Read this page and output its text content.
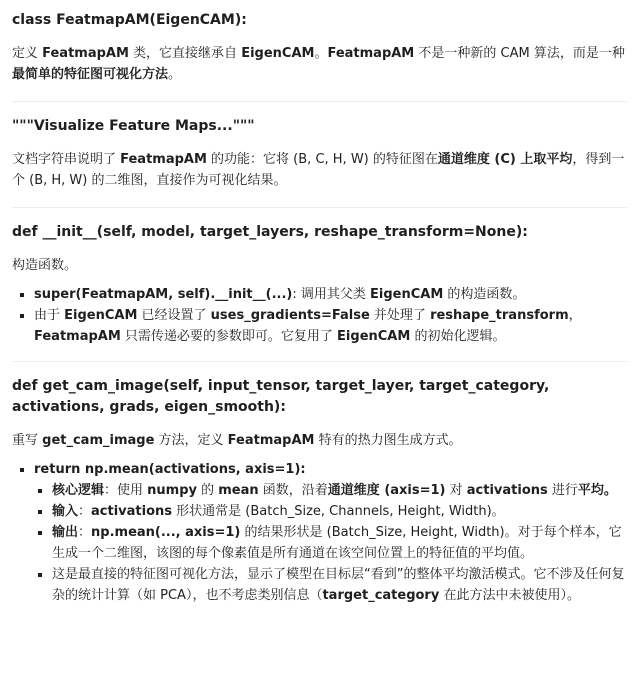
class FeatmapAM(EigenCAM):

定义 FeatmapAM 类，它直接继承自 EigenCAM。FeatmapAM 不是一种新的 CAM 算法，而是一种最简单的特征图可视化方法。

"""Visualize Feature Maps..."""

文档字符串说明了 FeatmapAM 的功能：它将 (B, C, H, W) 的特征图在通道维度 (C) 上取平均，得到一个 (B, H, W) 的二维图，直接作为可视化结果。

def __init__(self, model, target_layers, reshape_transform=None):

构造函数。

▪ super(FeatmapAM, self).__init__(...): 调用其父类 EigenCAM 的构造函数。
▪ 由于 EigenCAM 已经设置了 uses_gradients=False 并处理了 reshape_transform，FeatmapAM 只需传递必要的参数即可。它复用了 EigenCAM 的初始化逻辑。
def get_cam_image(self, input_tensor, target_layer, target_category, activations, grads, eigen_smooth):

重写 get_cam_image 方法，定义 FeatmapAM 特有的热力图生成方式。

▪ return np.mean(activations, axis=1):
▪ 核心逻辑：使用 numpy 的 mean 函数，沿着通道维度 (axis=1) 对 activations 进行平均。
▪ 输入：activations 形状通常是 (Batch_Size, Channels, Height, Width)。
▪ 输出：np.mean(..., axis=1) 的结果形状是 (Batch_Size, Height, Width)。对于每个样本，它生成一个二维图，该图的每个像素值是所有通道在该空间位置上的特征值的平均值。
▪ 这是最直接的特征图可视化方法，显示了模型在目标层“看到”的整体平均激活模式。它不涉及任何复杂的统计计算（如 PCA），也不考虑类别信息（target_category 在此方法中未被使用）。
